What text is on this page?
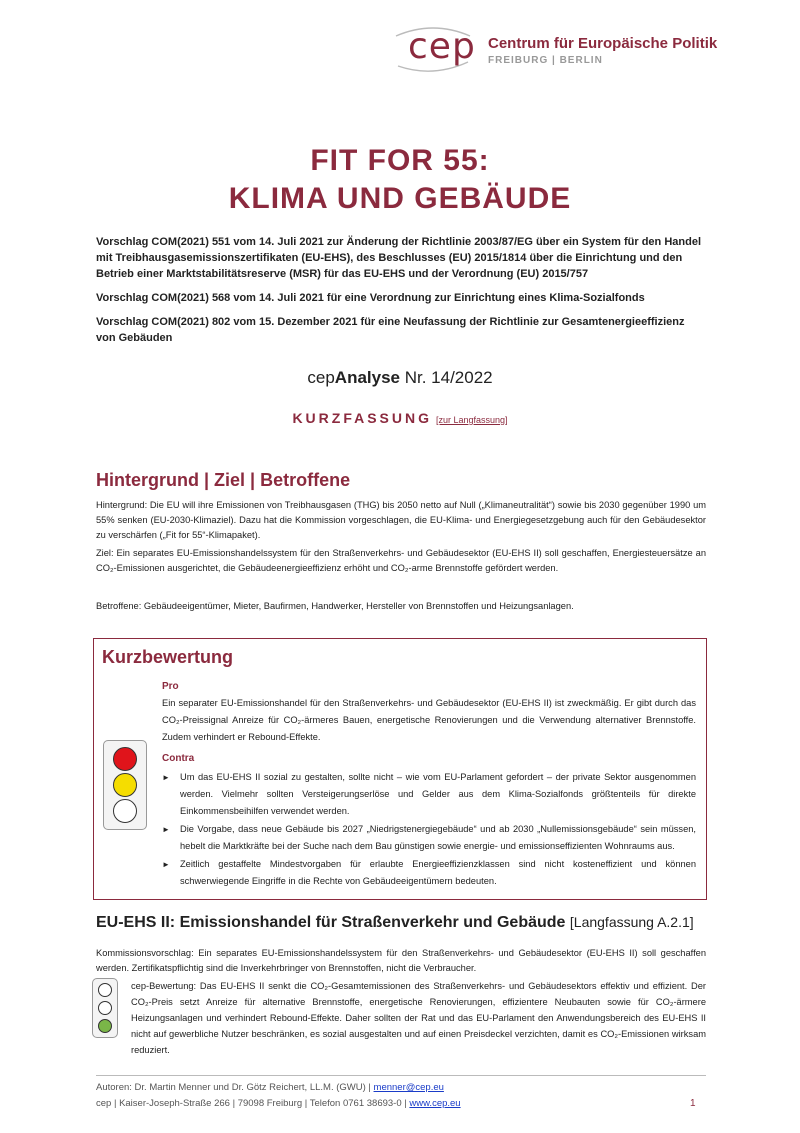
cep Centrum für Europäische Politik
FREIBURG | BERLIN
FIT FOR 55:
KLIMA UND GEBÄUDE

Vorschlag COM(2021) 551 vom 14. Juli 2021 zur Änderung der Richtlinie 2003/87/EG über ein System für den Handel mit Treibhausgasemissionszertifikaten (EU-EHS), des Beschlusses (EU) 2015/1814 über die Einrichtung und den Betrieb einer Marktstabilitätsreserve (MSR) für das EU-EHS und der Verordnung (EU) 2015/757

Vorschlag COM(2021) 568 vom 14. Juli 2021 für eine Verordnung zur Einrichtung eines Klima-Sozialfonds

Vorschlag COM(2021) 802 vom 15. Dezember 2021 für eine Neufassung der Richtlinie zur Gesamtenergieeffizienz von Gebäuden

cepAnalyse Nr. 14/2022
KURZFASSUNG [zur Langfassung]
Hintergrund | Ziel | Betroffene

Hintergrund: Die EU will ihre Emissionen von Treibhausgasen (THG) bis 2050 netto auf Null („Klimaneutralität“) sowie bis 2030 gegenüber 1990 um 55% senken (EU-2030-Klimaziel). Dazu hat die Kommission vorgeschlagen, die EU-Klima- und Energiegesetzgebung auch für den Gebäudesektor zu verschärfen („Fit for 55“-Klimapaket).

Ziel: Ein separates EU-Emissionshandelssystem für den Straßenverkehrs- und Gebäudesektor (EU-EHS II) soll geschaffen, Energiesteuersätze an CO₂-Emissionen ausgerichtet, die Gebäudeenergieeffizienz erhöht und CO₂-arme Brennstoffe gefördert werden.

Betroffene: Gebäudeeigentümer, Mieter, Baufirmen, Handwerker, Hersteller von Brennstoffen und Heizungsanlagen.

Kurzbewertung
Pro

Ein separater EU-Emissionshandel für den Straßenverkehrs- und Gebäudesektor (EU-EHS II) ist zweckmäßig. Er gibt durch das CO₂-Preissignal Anreize für CO₂-ärmeres Bauen, energetische Renovierungen und die Verwendung alternativer Brennstoffe. Zudem verhindert er Rebound-Effekte.

Contra
► Um das EU-EHS II sozial zu gestalten, sollte nicht – wie vom EU-Parlament gefordert – der private Sektor ausgenommen werden. Vielmehr sollten Versteigerungserlöse und Gelder aus dem Klima-Sozialfonds größtenteils für direkte Einkommensbeihilfen verwendet werden.
► Die Vorgabe, dass neue Gebäude bis 2027 „Niedrigstenergiegebäude“ und ab 2030 „Nullemissionsgebäude“ sein müssen, hebelt die Marktkräfte bei der Suche nach dem Bau günstigen sowie energie- und emissionseffizienten Wohnraums aus.
► Zeitlich gestaffelte Mindestvorgaben für erlaubte Energieeffizienzklassen sind nicht kosteneffizient und können schwerwiegende Eingriffe in die Rechte von Gebäudeeigentümern bedeuten.
EU-EHS II: Emissionshandel für Straßenverkehr und Gebäude [Langfassung A.2.1]

Kommissionsvorschlag: Ein separates EU-Emissionshandelssystem für den Straßenverkehrs- und Gebäudesektor (EU-EHS II) soll geschaffen werden. Zertifikatspflichtig sind die Inverkehrbringer von Brennstoffen, nicht die Verbraucher.

cep-Bewertung: Das EU-EHS II senkt die CO₂-Gesamtemissionen des Straßenverkehrs- und Gebäudesektors effektiv und effizient. Der CO₂-Preis setzt Anreize für alternative Brennstoffe, energetische Renovierungen, effizientere Neubauten sowie für CO₂-ärmere Heizungsanlagen und verhindert Rebound-Effekte. Daher sollten der Rat und das EU-Parlament den Anwendungsbereich des EU-EHS II nicht auf gewerbliche Nutzer beschränken, es sozial ausgestalten und auf einen Preisdeckel verzichten, damit es CO₂-Emissionen wirksam reduziert.

Autoren: Dr. Martin Menner und Dr. Götz Reichert, LL.M. (GWU) | menner@cep.eu
cep | Kaiser-Joseph-Straße 266 | 79098 Freiburg | Telefon 0761 38693-0 | www.cep.eu	1
